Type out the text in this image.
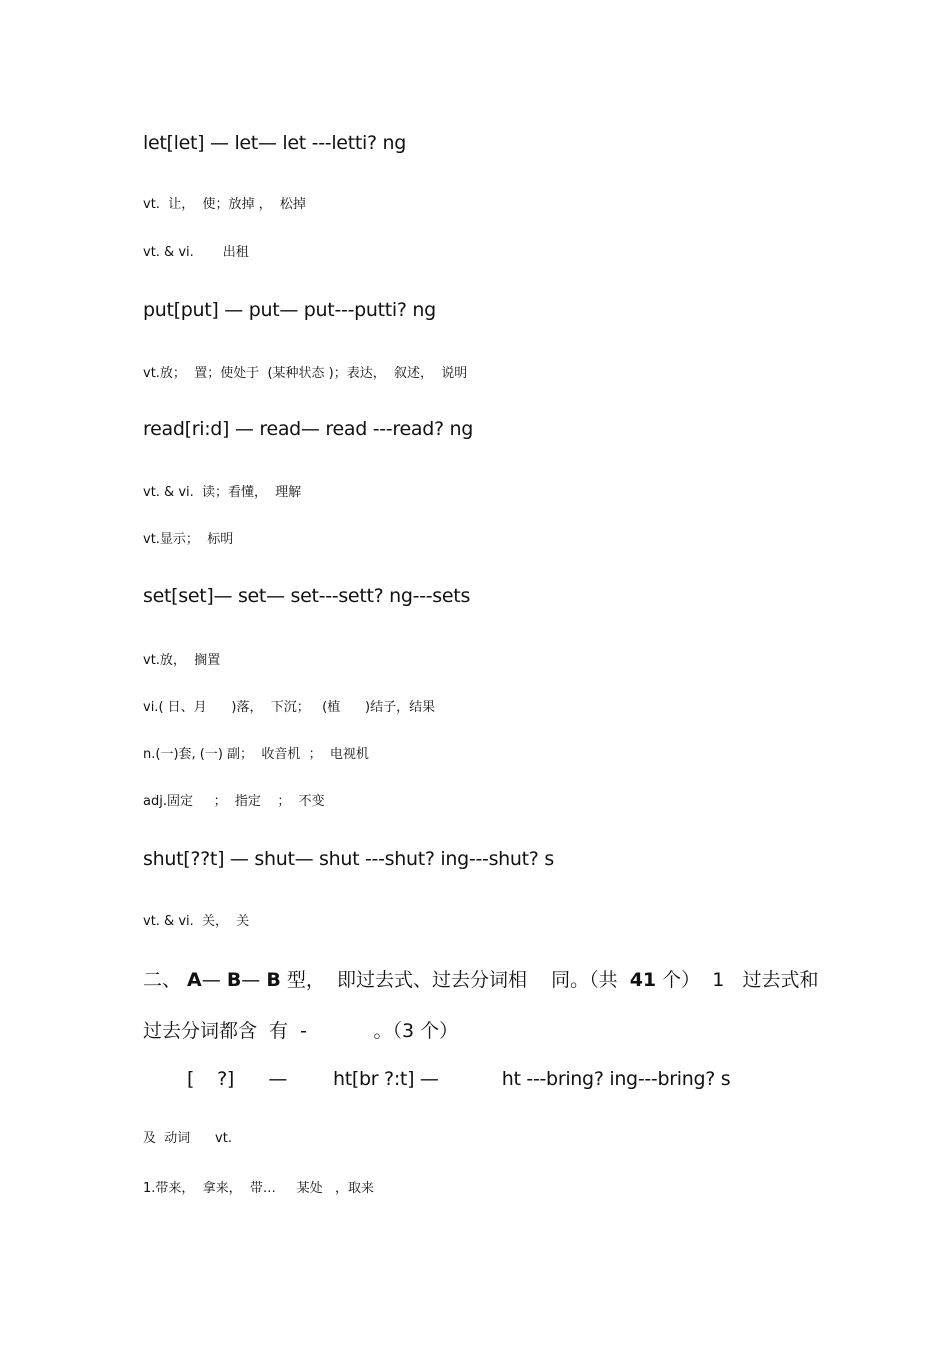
let[let] — let— let ---letti? ng
vt.  让，  使；放掉 ，  松掉
vt. & vi.       出租
put[put] — put— put---putti? ng
vt.放；  置；使处于  (某种状态 )；表达，  叙述，  说明
read[ri:d] — read— read ---read? ng
vt. & vi.  读；看懂，  理解
vt.显示；  标明
set[set]— set— set---sett? ng---sets
vt.放，  搁置
vi.( 日、月      )落，  下沉；   (植      )结子，结果
n.(一)套, (一) 副；  收音机  ；  电视机
adj.固定     ；  指定    ；  不变
shut[??t] — shut— shut ---shut? ing---shut? s
vt. & vi.  关，  关
二、 A— B— B 型，  即过去式、过去分词相    同。（共  41 个）  1   过去式和
过去分词都含  有  -           。（3 个）
[    ?]      —        ht[br ?:t] —           ht ---bring? ing---bring? s
及  动词      vt.
1.带来，  拿来，  带…     某处   ，取来
